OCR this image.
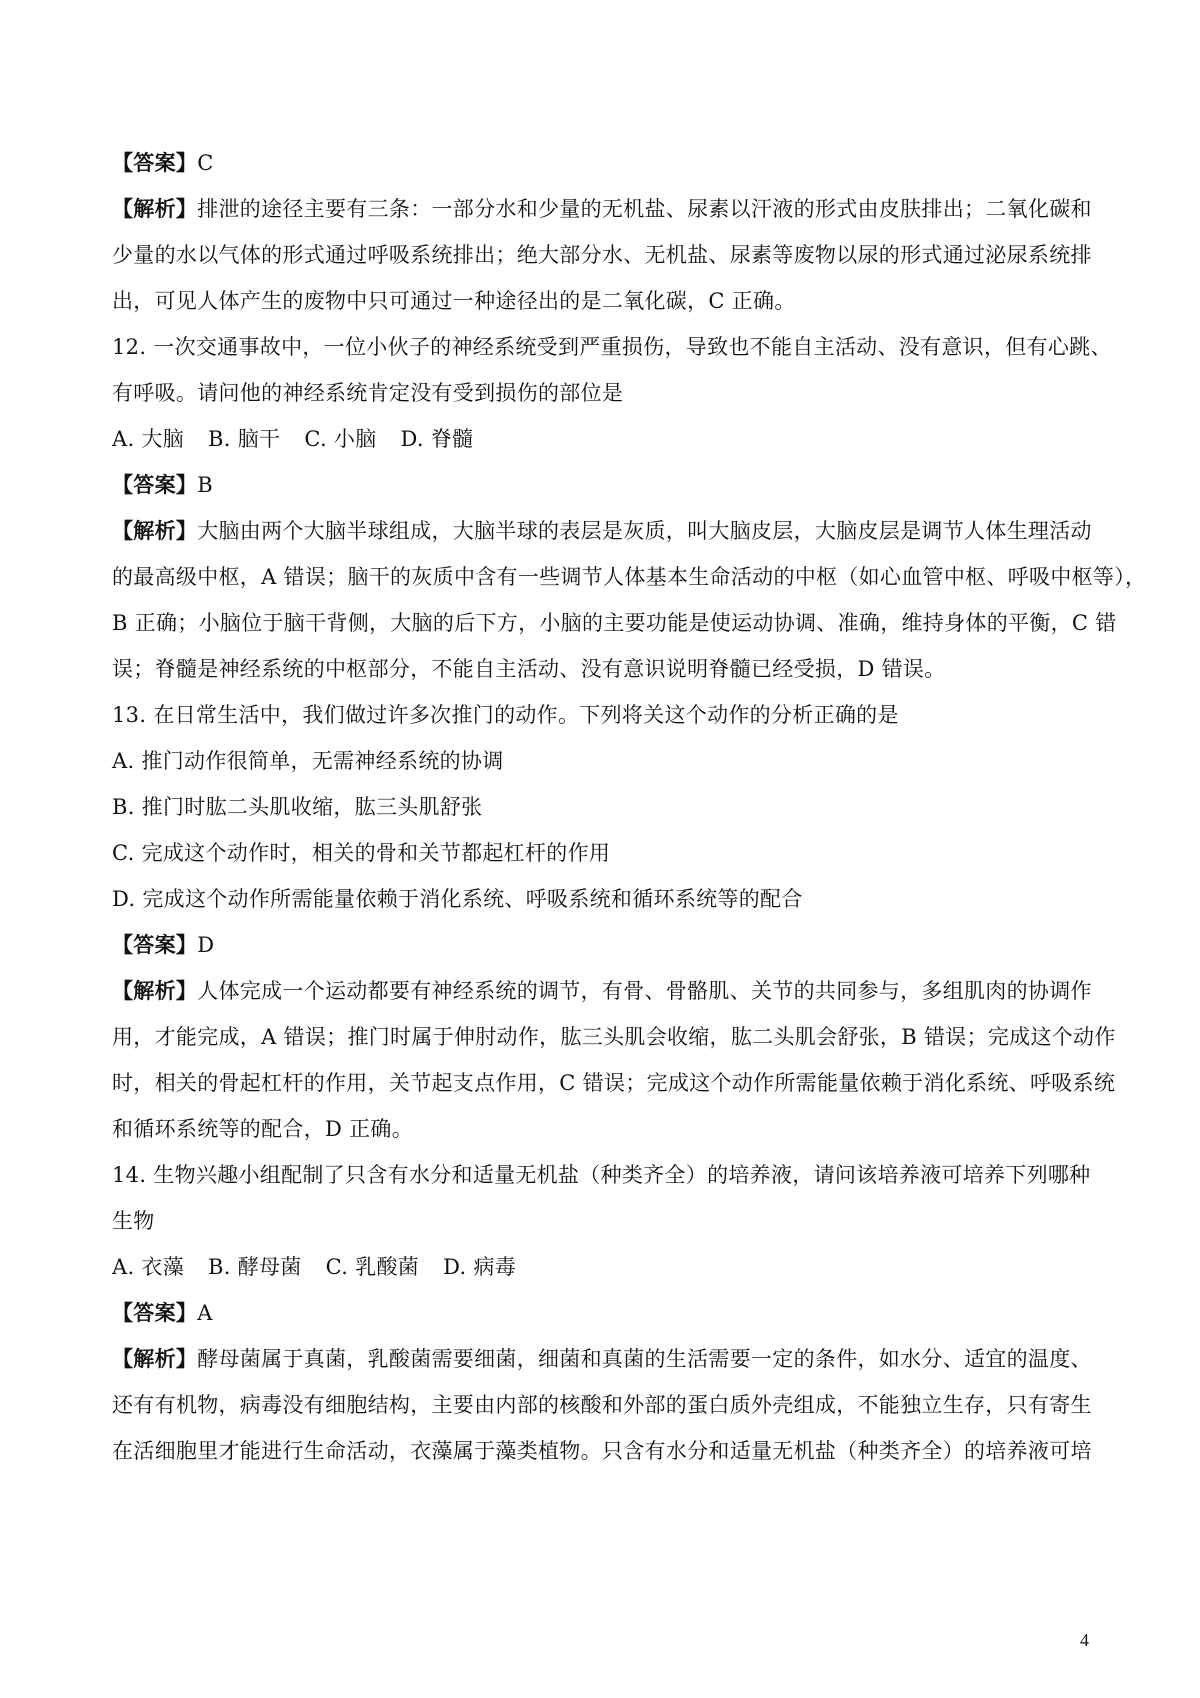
【答案】C
【解析】排泄的途径主要有三条：一部分水和少量的无机盐、尿素以汗液的形式由皮肤排出；二氧化碳和
少量的水以气体的形式通过呼吸系统排出；绝大部分水、无机盐、尿素等废物以尿的形式通过泌尿系统排
出，可见人体产生的废物中只可通过一种途径出的是二氧化碳，C 正确。
12. 一次交通事故中，一位小伙子的神经系统受到严重损伤，导致也不能自主活动、没有意识，但有心跳、
有呼吸。请问他的神经系统肯定没有受到损伤的部位是
A. 大脑 B. 脑干 C. 小脑 D. 脊髓
【答案】B
【解析】大脑由两个大脑半球组成，大脑半球的表层是灰质，叫大脑皮层，大脑皮层是调节人体生理活动
的最高级中枢，A 错误；脑干的灰质中含有一些调节人体基本生命活动的中枢（如心血管中枢、呼吸中枢等），
B 正确；小脑位于脑干背侧，大脑的后下方，小脑的主要功能是使运动协调、准确，维持身体的平衡，C 错
误；脊髓是神经系统的中枢部分，不能自主活动、没有意识说明脊髓已经受损，D 错误。
13. 在日常生活中，我们做过许多次推门的动作。下列将关这个动作的分析正确的是
A. 推门动作很简单，无需神经系统的协调
B. 推门时肱二头肌收缩，肱三头肌舒张
C. 完成这个动作时，相关的骨和关节都起杠杆的作用
D. 完成这个动作所需能量依赖于消化系统、呼吸系统和循环系统等的配合
【答案】D
【解析】人体完成一个运动都要有神经系统的调节，有骨、骨骼肌、关节的共同参与，多组肌肉的协调作
用，才能完成，A 错误；推门时属于伸肘动作，肱三头肌会收缩，肱二头肌会舒张，B 错误；完成这个动作
时，相关的骨起杠杆的作用，关节起支点作用，C 错误；完成这个动作所需能量依赖于消化系统、呼吸系统
和循环系统等的配合，D 正确。
14. 生物兴趣小组配制了只含有水分和适量无机盐（种类齐全）的培养液，请问该培养液可培养下列哪种
生物
A. 衣藻 B. 酵母菌 C. 乳酸菌 D. 病毒
【答案】A
【解析】酵母菌属于真菌，乳酸菌需要细菌，细菌和真菌的生活需要一定的条件，如水分、适宜的温度、
还有有机物，病毒没有细胞结构，主要由内部的核酸和外部的蛋白质外壳组成，不能独立生存，只有寄生
在活细胞里才能进行生命活动，衣藻属于藻类植物。只含有水分和适量无机盐（种类齐全）的培养液可培
4
